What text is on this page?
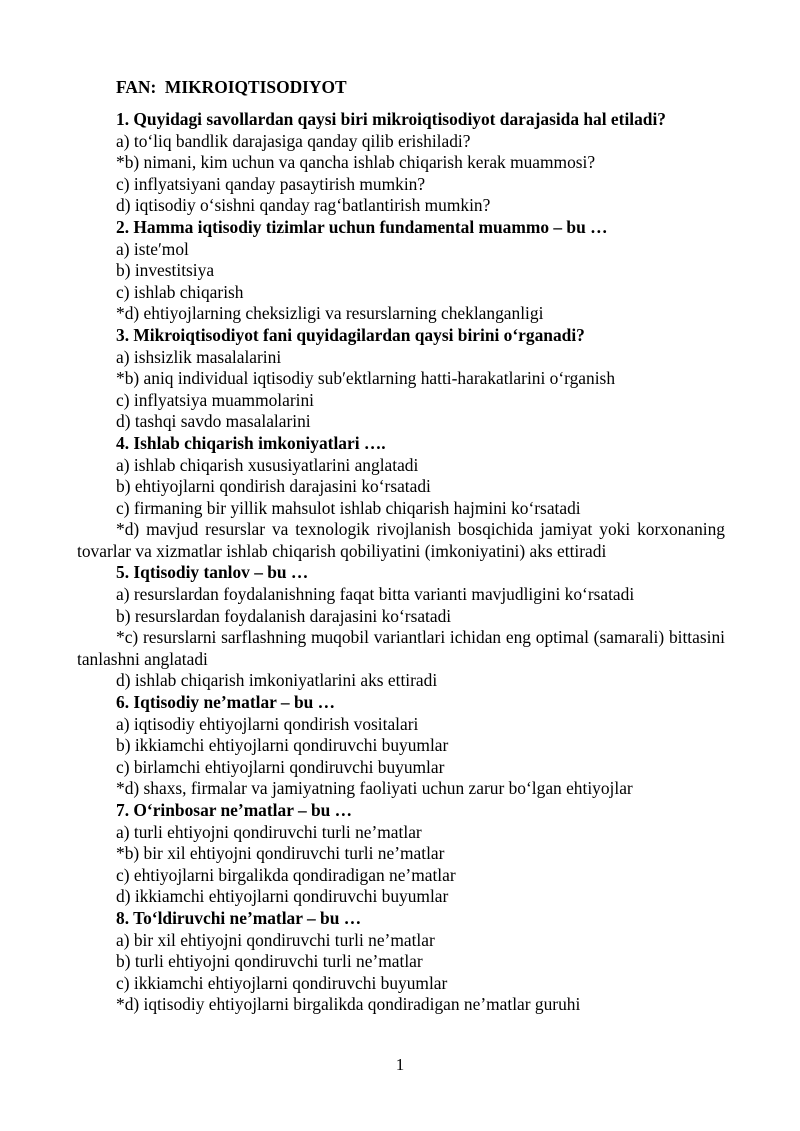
FAN:  MIKROIQTISODIYOT
1. Quyidagi savollardan qaysi biri mikroiqtisodiyot darajasida hal etiladi?
a) to‘liq bandlik darajasiga qanday qilib erishiladi?
*b) nimani, kim uchun va qancha ishlab chiqarish kerak muammosi?
c) inflyatsiyani qanday pasaytirish mumkin?
d) iqtisodiy o‘sishni qanday rag‘batlantirish mumkin?
2. Hamma iqtisodiy tizimlar uchun fundamental muammo – bu …
a) isteʹmol
b) investitsiya
c) ishlab chiqarish
*d) ehtiyojlarning cheksizligi va resurslarning cheklanganligi
3. Mikroiqtisodiyot fani quyidagilardan qaysi birini o‘rganadi?
a) ishsizlik masalalarini
*b) aniq individual iqtisodiy subʹektlarning hatti-harakatlarini o‘rganish
c) inflyatsiya muammolarini
d) tashqi savdo masalalarini
4. Ishlab chiqarish imkoniyatlari ….
a) ishlab chiqarish xususiyatlarini anglatadi
b) ehtiyojlarni qondirish darajasini ko‘rsatadi
c) firmaning bir yillik mahsulot ishlab chiqarish hajmini ko‘rsatadi
*d) mavjud resurslar va texnologik rivojlanish bosqichida jamiyat yoki korxonaning tovarlar va xizmatlar ishlab chiqarish qobiliyatini (imkoniyatini) aks ettiradi
5. Iqtisodiy tanlov – bu …
a) resurslardan foydalanishning faqat bitta varianti mavjudligini ko‘rsatadi
b) resurslardan foydalanish darajasini ko‘rsatadi
*c) resurslarni sarflashning muqobil variantlari ichidan eng optimal (samarali) bittasini tanlashni anglatadi
d) ishlab chiqarish imkoniyatlarini aks ettiradi
6. Iqtisodiy ne’matlar – bu …
a) iqtisodiy ehtiyojlarni qondirish vositalari
b) ikkiamchi ehtiyojlarni qondiruvchi buyumlar
c) birlamchi ehtiyojlarni qondiruvchi buyumlar
*d) shaxs, firmalar va jamiyatning faoliyati uchun zarur bo‘lgan ehtiyojlar
7. O‘rinbosar ne’matlar – bu …
a) turli ehtiyojni qondiruvchi turli ne’matlar
*b) bir xil ehtiyojni qondiruvchi turli ne’matlar
c) ehtiyojlarni birgalikda qondiradigan ne’matlar
d) ikkiamchi ehtiyojlarni qondiruvchi buyumlar
8. To‘ldiruvchi ne’matlar – bu …
a) bir xil ehtiyojni qondiruvchi turli ne’matlar
b) turli ehtiyojni qondiruvchi turli ne’matlar
c) ikkiamchi ehtiyojlarni qondiruvchi buyumlar
*d) iqtisodiy ehtiyojlarni birgalikda qondiradigan ne’matlar guruhi
1
